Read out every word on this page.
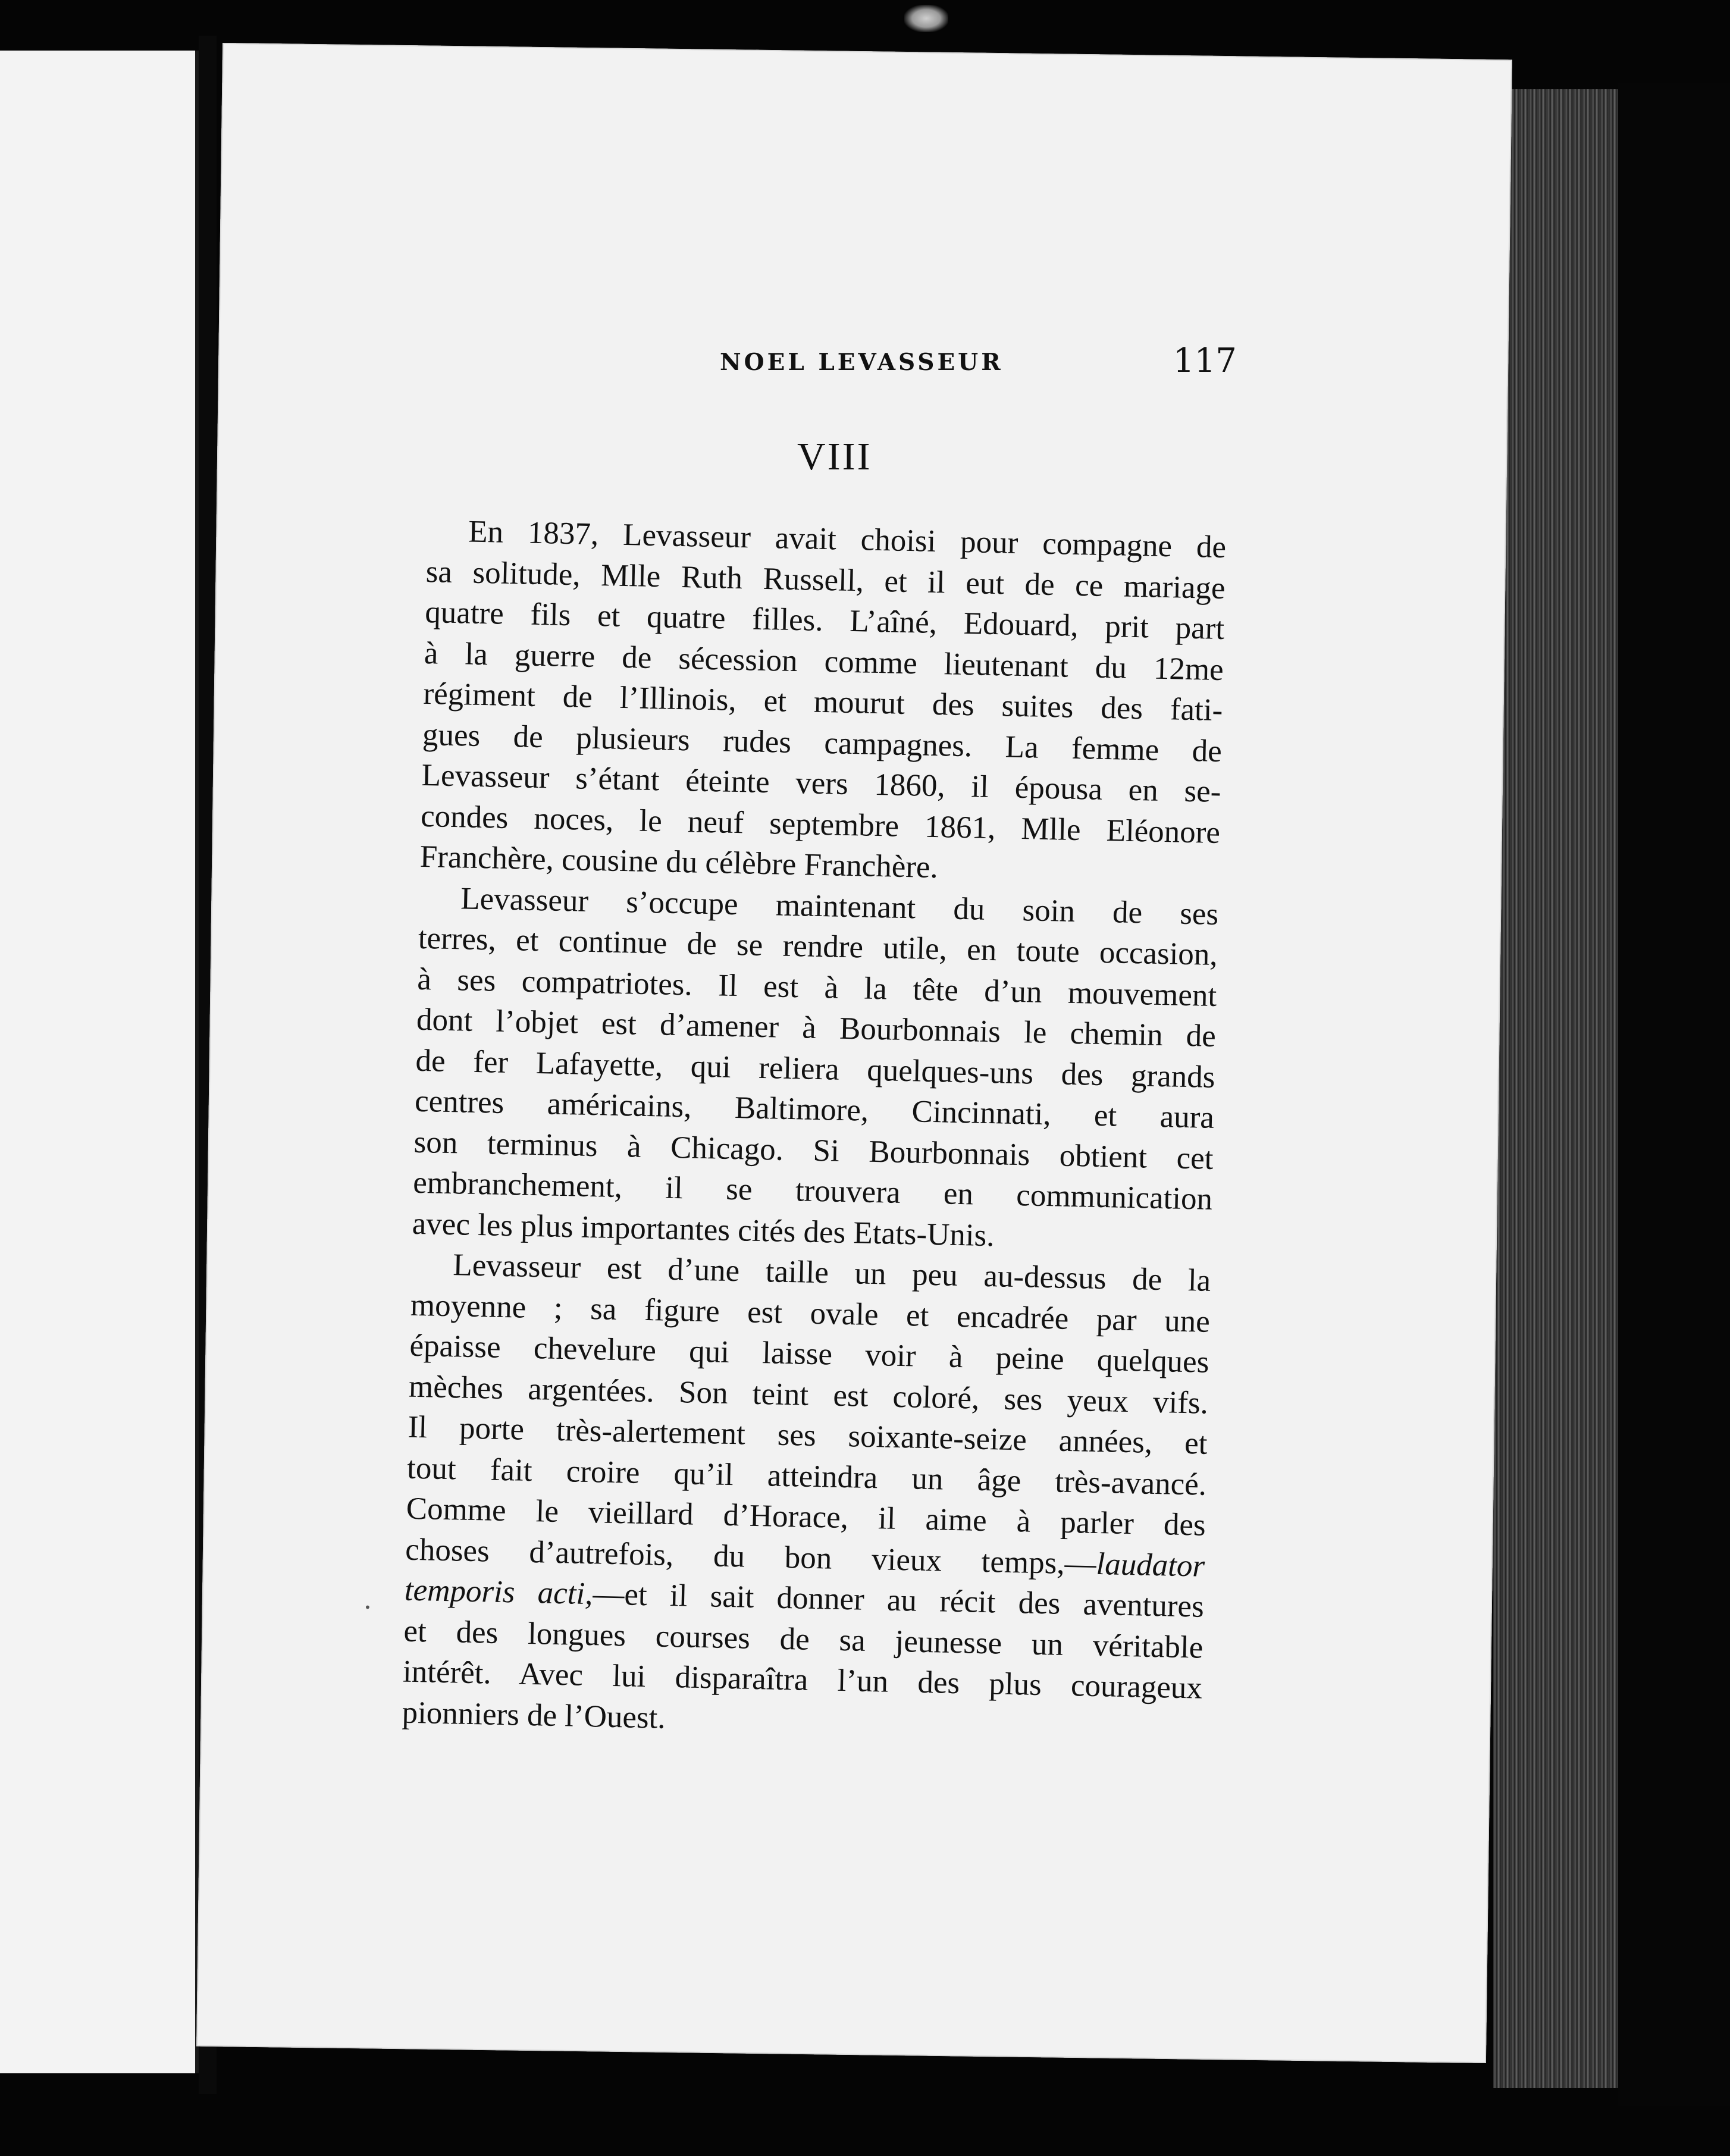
NOEL LEVASSEUR	117
VIII
•
En 1837, Levasseur avait choisi pour compagne de
sa solitude, Mlle Ruth Russell, et il eut de ce mariage
quatre fils et quatre filles. L’aîné, Edouard, prit part
à la guerre de sécession comme lieutenant du 12me
régiment de l’Illinois, et mourut des suites des fati-
gues de plusieurs rudes campagnes. La femme de
Levasseur s’étant éteinte vers 1860, il épousa en se-
condes noces, le neuf septembre 1861, Mlle Eléonore
Franchère, cousine du célèbre Franchère.
Levasseur s’occupe maintenant du soin de ses
terres, et continue de se rendre utile, en toute occasion,
à ses compatriotes. Il est à la tête d’un mouvement
dont l’objet est d’amener à Bourbonnais le chemin de
de fer Lafayette, qui reliera quelques-uns des grands
centres américains, Baltimore, Cincinnati, et aura
son terminus à Chicago. Si Bourbonnais obtient cet
embranchement, il se trouvera en communication
avec les plus importantes cités des Etats-Unis.
Levasseur est d’une taille un peu au-dessus de la
moyenne ; sa figure est ovale et encadrée par une
épaisse chevelure qui laisse voir à peine quelques
mèches argentées. Son teint est coloré, ses yeux vifs.
Il porte très-alertement ses soixante-seize années, et
tout fait croire qu’il atteindra un âge très-avancé.
Comme le vieillard d’Horace, il aime à parler des
choses d’autrefois, du bon vieux temps,—laudator
temporis acti,—et il sait donner au récit des aventures
et des longues courses de sa jeunesse un véritable
intérêt. Avec lui disparaîtra l’un des plus courageux
pionniers de l’Ouest.
